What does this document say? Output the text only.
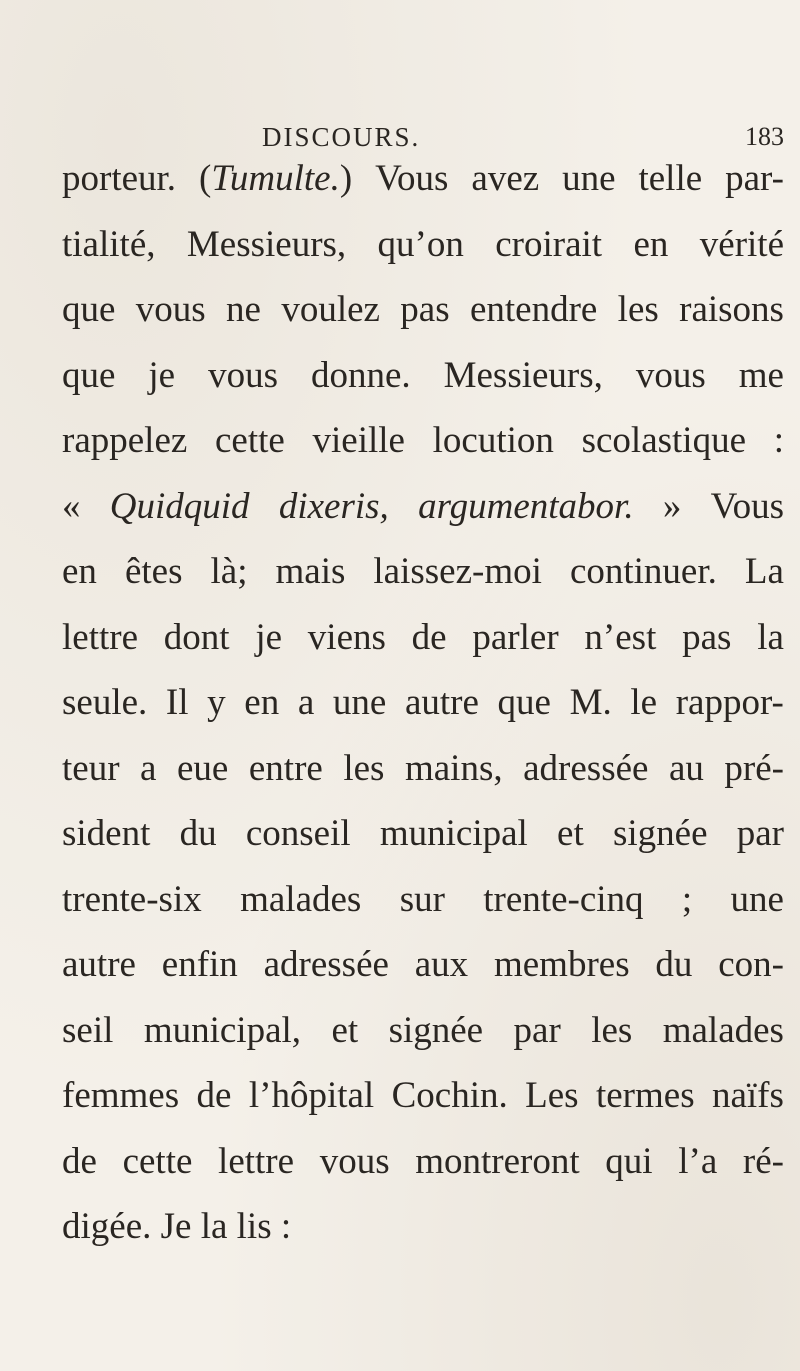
DISCOURS.	183
porteur. (Tumulte.) Vous avez une telle par-
tialité, Messieurs, qu’on croirait en vérité
que vous ne voulez pas entendre les raisons
que je vous donne. Messieurs, vous me
rappelez cette vieille locution scolastique :
« Quidquid dixeris, argumentabor. » Vous
en êtes là; mais laissez-moi continuer. La
lettre dont je viens de parler n’est pas la
seule. Il y en a une autre que M. le rappor-
teur a eue entre les mains, adressée au pré-
sident du conseil municipal et signée par
trente-six malades sur trente-cinq ; une
autre enfin adressée aux membres du con-
seil municipal, et signée par les malades
femmes de l’hôpital Cochin. Les termes naïfs
de cette lettre vous montreront qui l’a ré-
digée.
Je
la
lis
:
